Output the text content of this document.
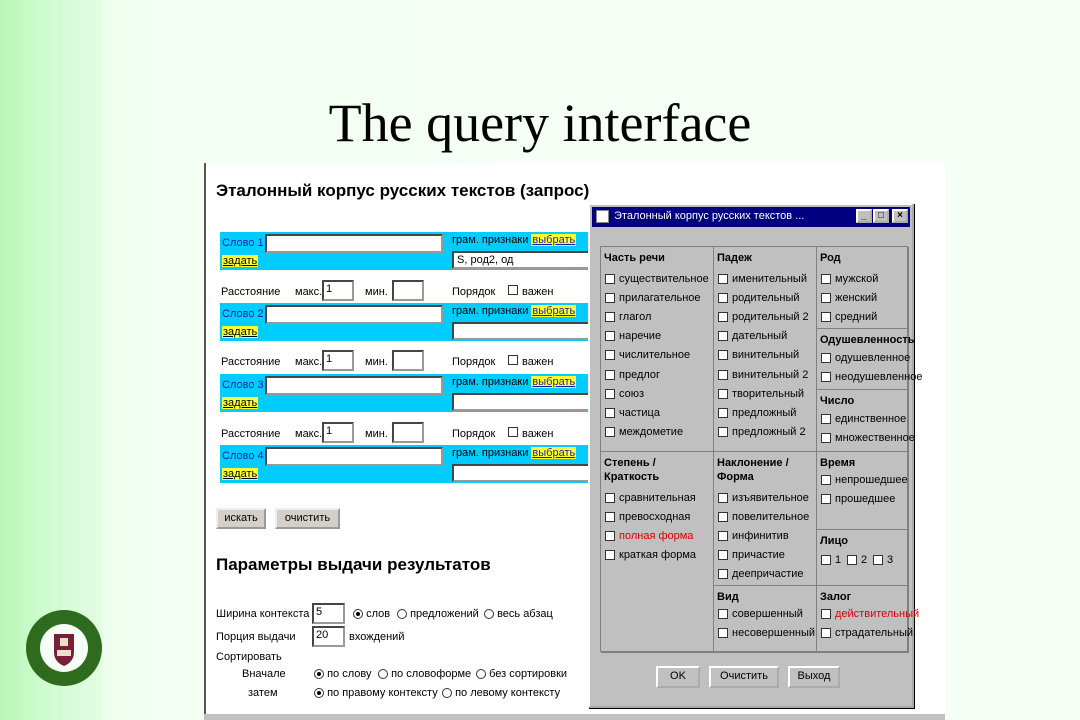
The query interface
Эталонный корпус русских текстов (запрос)
Слово 1
задать
грам. признаки выбрать
S, род2, од
Расстояние макс. 1	мин.	Порядок важен
Слово 2
задать
грам. признаки выбрать
Расстояние макс. 1	мин.	Порядок важен
Слово 3
задать
грам. признаки выбрать
Расстояние макс. 1	мин.	Порядок важен
Слово 4
задать
грам. признаки выбрать
искать	очистить
Параметры выдачи результатов
Ширина контекста 5	слов	предложений	весь абзац
Порция выдачи	20	вхождений
Сортировать
Вначале	по слову	по словоформе	без сортировки
затем	по правому контексту	по левому контексту
Эталонный корпус русских текстов ...	_	□	×
Часть речи
существительное
прилагательное
глагол
наречие
числительное
предлог
союз
частица
междометие
Падеж
именительный
родительный
родительный 2
дательный
винительный
винительный 2
творительный
предложный
предложный 2
Род
мужской
женский
средний
Одушевленность
одушевленное
неодушевленное
Число
единственное
множественное
Степень / Краткость
сравнительная
превосходная
полная форма
краткая форма
Наклонение / Форма
изъявительное
повелительное
инфинитив
причастие
деепричастие
Время
непрошедшее
прошедшее
Лицо
1	2	3
Вид
совершенный
несовершенный
Залог
действительный
страдательный
OK	Очистить	Выход
